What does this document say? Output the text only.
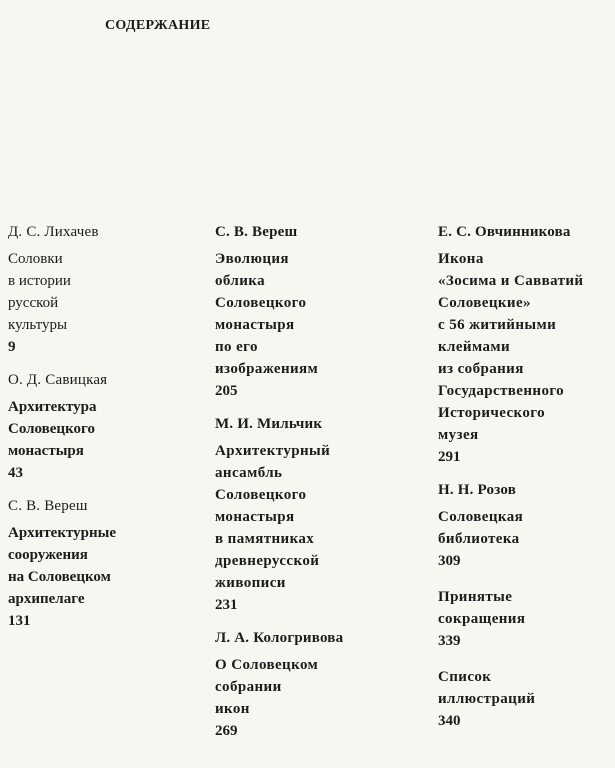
СОДЕРЖАНИЕ
Д. С. Лихачев
Соловки
в истории
русской
культуры
9
О. Д. Савицкая
Архитектура
Соловецкого
монастыря
43
С. В. Вереш
Архитектурные
сооружения
на Соловецком
архипелаге
131
С. В. Вереш
Эволюция
облика
Соловецкого
монастыря
по его
изображениям
205
М. И. Мильчик
Архитектурный
ансамбль
Соловецкого
монастыря
в памятниках
древнерусской
живописи
231
Л. А. Кологривова
О Соловецком
собрании
икон
269
Е. С. Овчинникова
Икона
«Зосима и Савватий
Соловецкие»
с 56 житийными
клеймами
из собрания
Государственного
Исторического
музея
291
Н. Н. Розов
Соловецкая
библиотека
309
Принятые
сокращения
339
Список
иллюстраций
340
